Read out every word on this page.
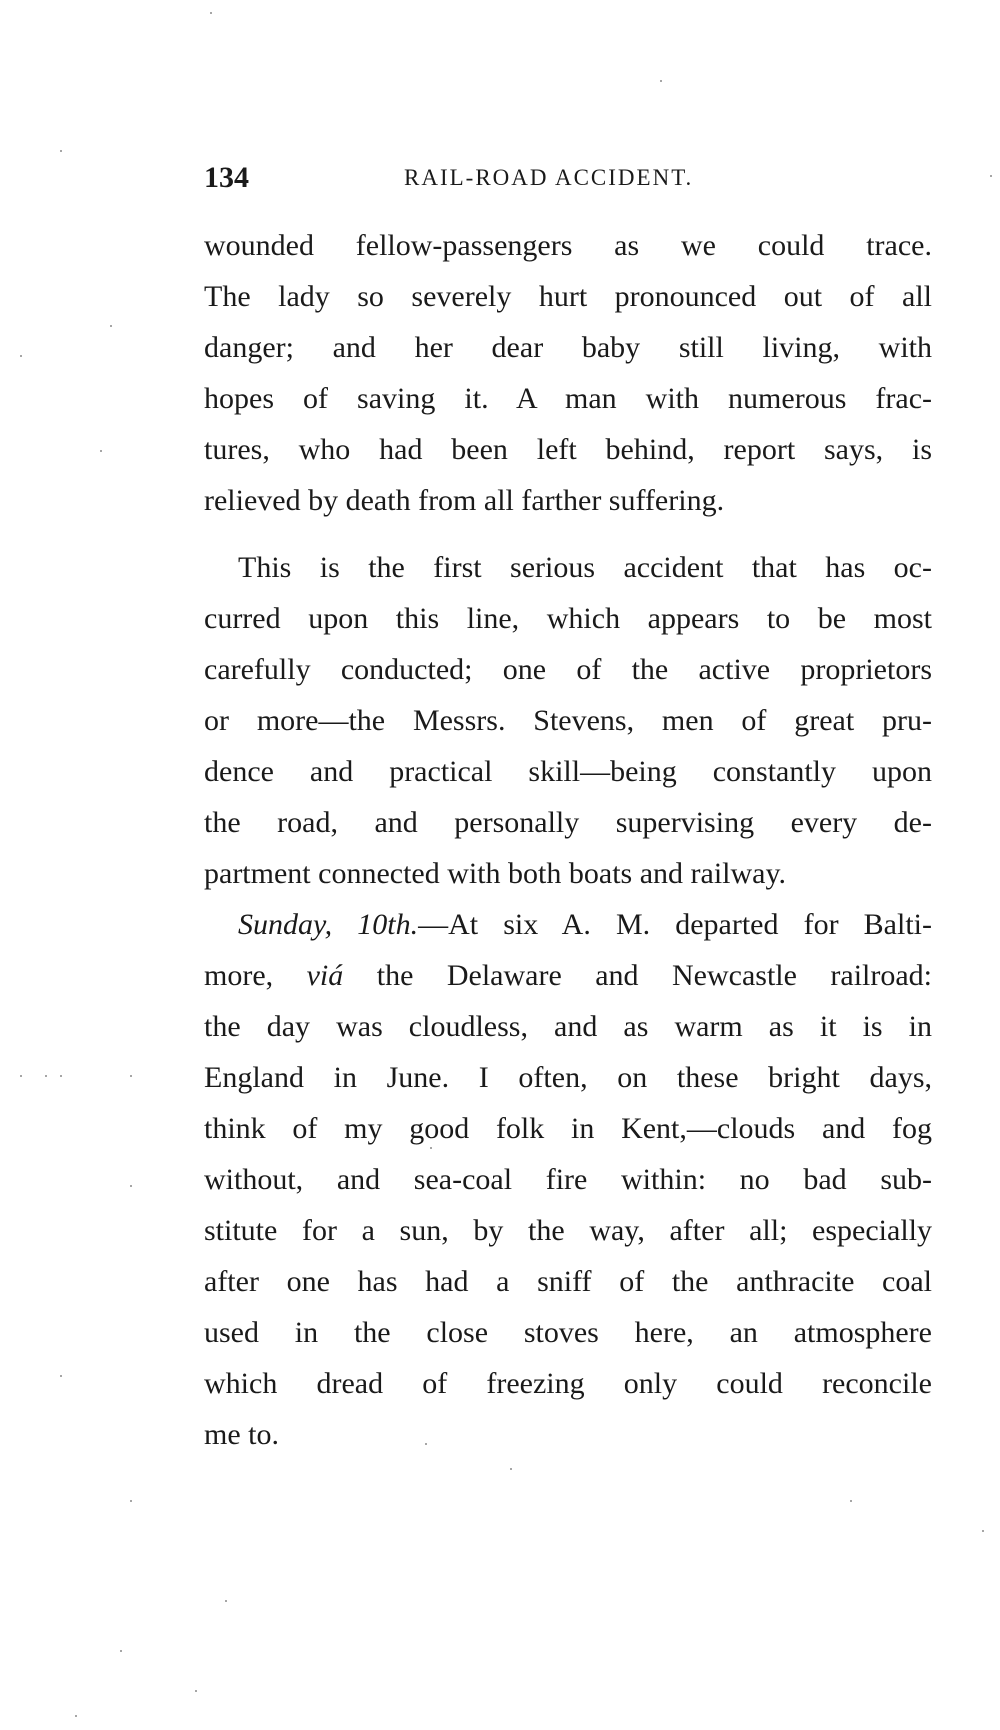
134	RAIL-ROAD ACCIDENT.
wounded fellow-passengers as we could trace.
The lady so severely hurt pronounced out of all
danger; and her dear baby still living, with
hopes of saving it. A man with numerous frac-
tures, who had been left behind, report says, is
relieved by death from all farther suffering.
This is the first serious accident that has oc-
curred upon this line, which appears to be most
carefully conducted; one of the active proprietors
or more—the Messrs. Stevens, men of great pru-
dence and practical skill—being constantly upon
the road, and personally supervising every de-
partment connected with both boats and railway.
Sunday, 10th.—At six A. M. departed for Balti-
more, viá the Delaware and Newcastle railroad:
the day was cloudless, and as warm as it is in
England in June. I often, on these bright days,
think of my good folk in Kent,—clouds and fog
without, and sea-coal fire within: no bad sub-
stitute for a sun, by the way, after all; especially
after one has had a sniff of the anthracite coal
used in the close stoves here, an atmosphere
which dread of freezing only could reconcile
me to.
